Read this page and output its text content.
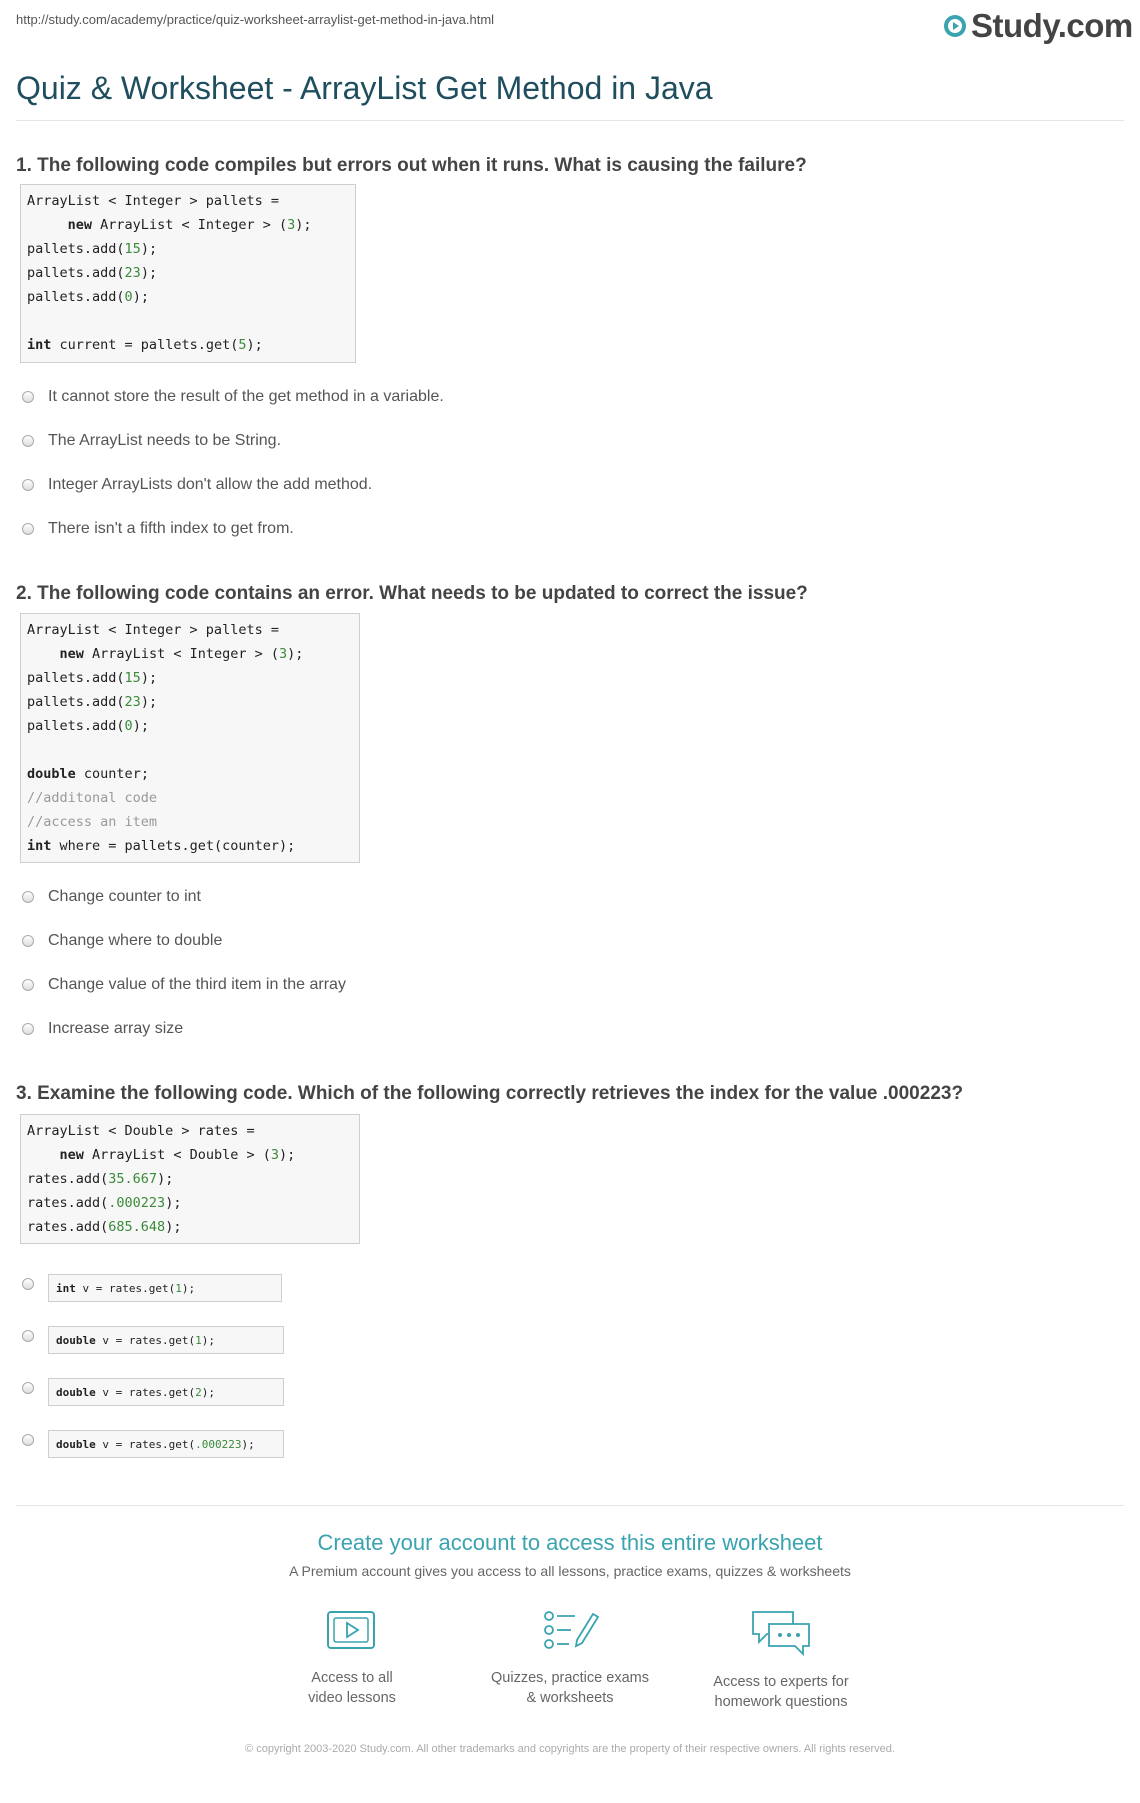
http://study.com/academy/practice/quiz-worksheet-arraylist-get-method-in-java.html	Study.com
Quiz & Worksheet - ArrayList Get Method in Java
1. The following code compiles but errors out when it runs. What is causing the failure?
ArrayList < Integer > pallets =
new ArrayList < Integer > (3);
pallets.add(15);
pallets.add(23);
pallets.add(0);

int current = pallets.get(5);
It cannot store the result of the get method in a variable.
The ArrayList needs to be String.
Integer ArrayLists don't allow the add method.
There isn't a fifth index to get from.
2. The following code contains an error. What needs to be updated to correct the issue?
ArrayList < Integer > pallets =
new ArrayList < Integer > (3);
pallets.add(15);
pallets.add(23);
pallets.add(0);

double counter;
//additonal code
//access an item
int where = pallets.get(counter);
Change counter to int
Change where to double
Change value of the third item in the array
Increase array size
3. Examine the following code. Which of the following correctly retrieves the index for the value .000223?
ArrayList < Double > rates =
new ArrayList < Double > (3);
rates.add(35.667);
rates.add(.000223);
rates.add(685.648);
int v = rates.get(1);
double v = rates.get(1);
double v = rates.get(2);
double v = rates.get(.000223);
Create your account to access this entire worksheet
A Premium account gives you access to all lessons, practice exams, quizzes & worksheets
Access to all
video lessons
Quizzes, practice exams
& worksheets
Access to experts for
homework questions
© copyright 2003-2020 Study.com. All other trademarks and copyrights are the property of their respective owners. All rights reserved.
